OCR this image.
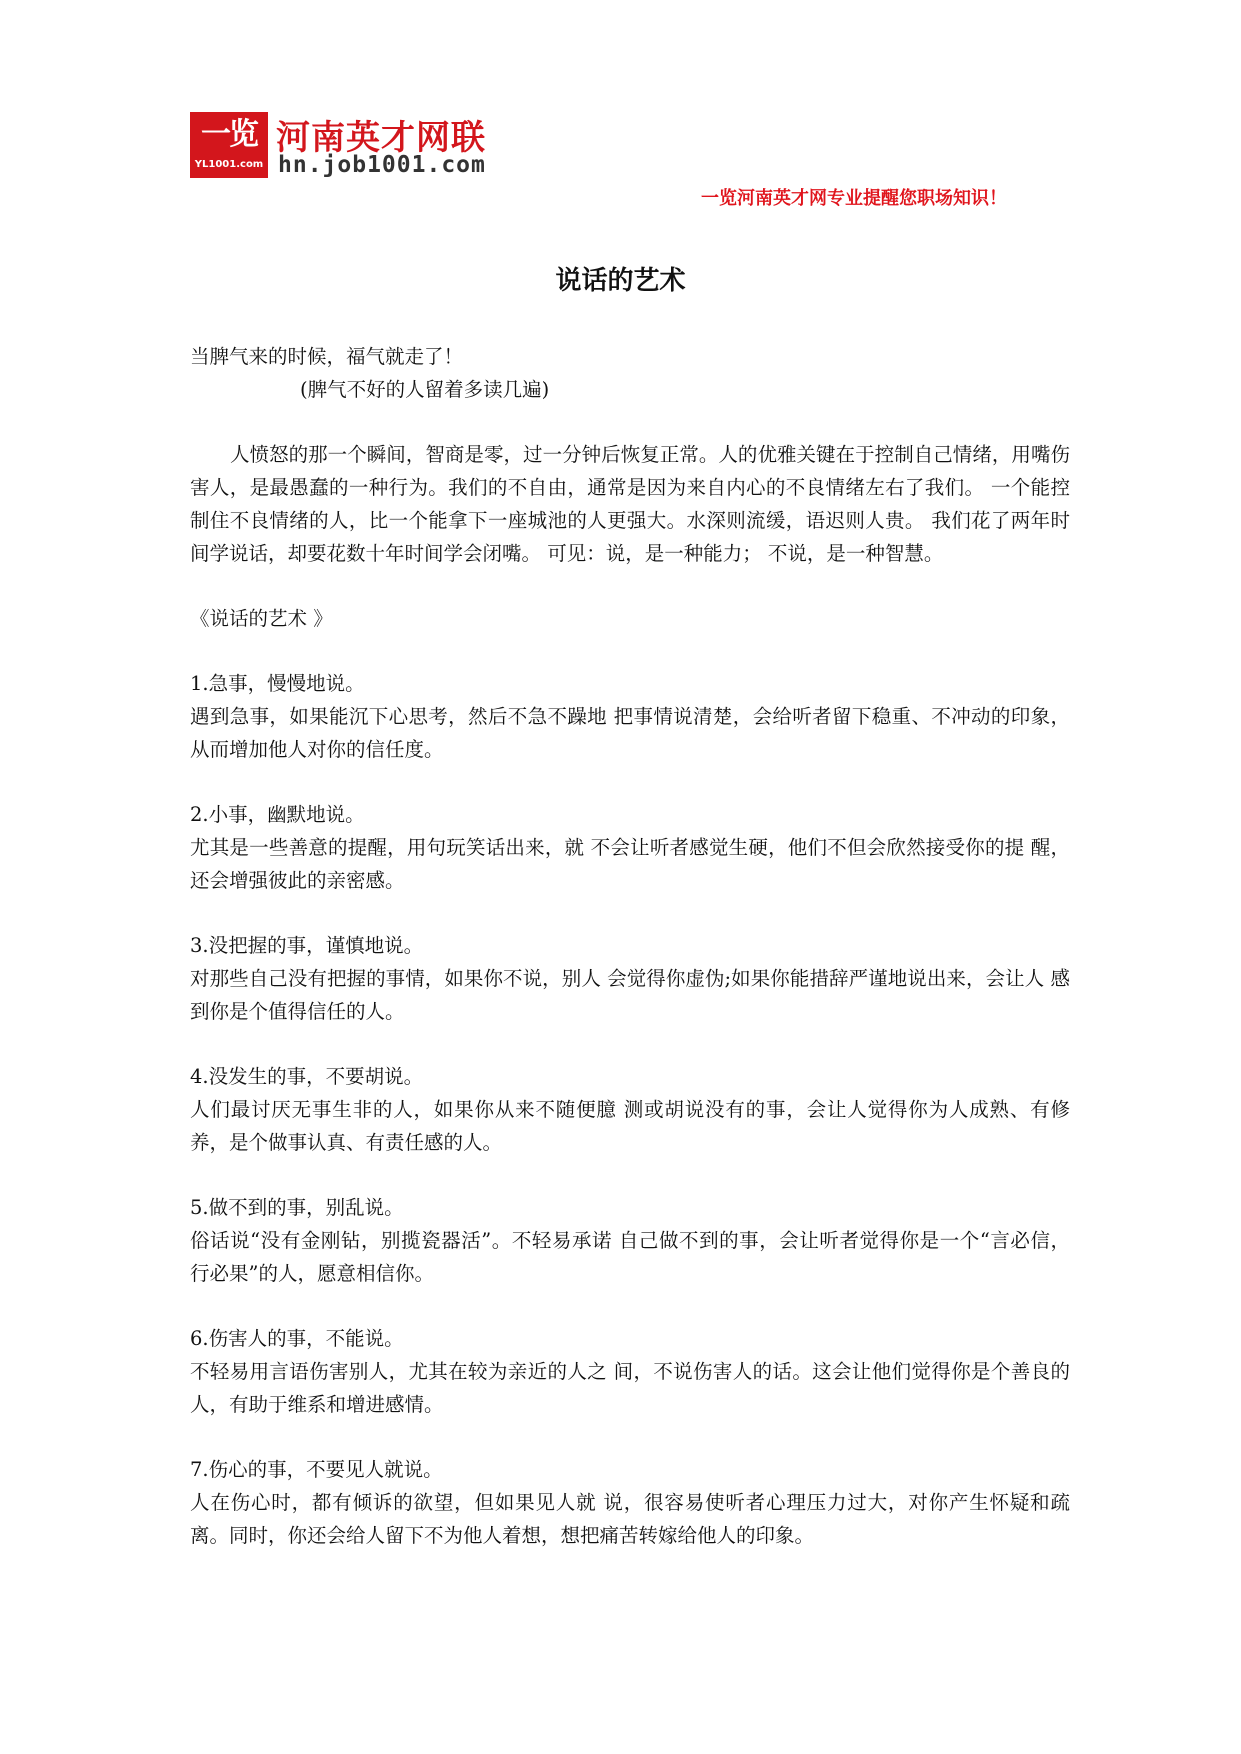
一览
YL1001.com
河南英才网联
hn.job1001.com
一览河南英才网专业提醒您职场知识！
说话的艺术

当脾气来的时候，福气就走了！

(脾气不好的人留着多读几遍)

人愤怒的那一个瞬间，智商是零，过一分钟后恢复正常。人的优雅关键在于控制自己情绪，用嘴伤害人，是最愚蠢的一种行为。我们的不自由，通常是因为来自内心的不良情绪左右了我们。 一个能控制住不良情绪的人，比一个能拿下一座城池的人更强大。水深则流缓，语迟则人贵。 我们花了两年时间学说话，却要花数十年时间学会闭嘴。 可见：说，是一种能力； 不说，是一种智慧。

《说话的艺术 》

1.急事，慢慢地说。

遇到急事，如果能沉下心思考，然后不急不躁地 把事情说清楚，会给听者留下稳重、不冲动的印象， 从而增加他人对你的信任度。

2.小事，幽默地说。

尤其是一些善意的提醒，用句玩笑话出来，就 不会让听者感觉生硬，他们不但会欣然接受你的提 醒，还会增强彼此的亲密感。

3.没把握的事，谨慎地说。

对那些自己没有把握的事情，如果你不说，别人 会觉得你虚伪;如果你能措辞严谨地说出来，会让人 感到你是个值得信任的人。

4.没发生的事，不要胡说。

人们最讨厌无事生非的人，如果你从来不随便臆 测或胡说没有的事，会让人觉得你为人成熟、有修 养，是个做事认真、有责任感的人。

5.做不到的事，别乱说。

俗话说“没有金刚钻，别揽瓷器活”。不轻易承诺 自己做不到的事，会让听者觉得你是一个“言必信， 行必果”的人，愿意相信你。

6.伤害人的事，不能说。

不轻易用言语伤害别人，尤其在较为亲近的人之 间，不说伤害人的话。这会让他们觉得你是个善良的 人，有助于维系和增进感情。

7.伤心的事，不要见人就说。

人在伤心时，都有倾诉的欲望，但如果见人就 说，很容易使听者心理压力过大，对你产生怀疑和疏离。同时，你还会给人留下不为他人着想，想把痛苦转嫁给他人的印象。
